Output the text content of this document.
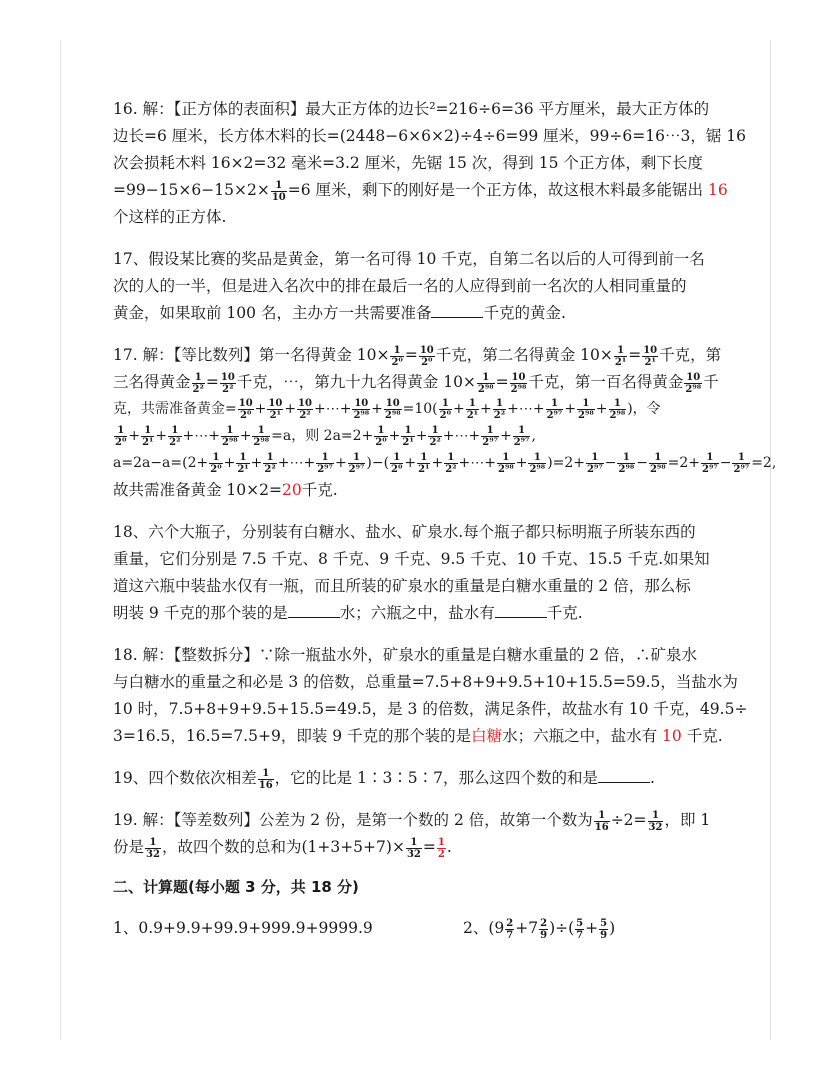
16. 解：【正方体的表面积】最大正方体的边长²=216÷6=36 平方厘米，最大正方体的
边长=6 厘米，长方体木料的长=(2448−6×6×2)÷4÷6=99 厘米，99÷6=16⋯3，锯 16
次会损耗木料 16×2=32 毫米=3.2 厘米，先锯 15 次，得到 15 个正方体，剩下长度
$=99-15\times 6-15\times 2\times \frac{1}{10} =6$ 厘米，剩下的刚好是一个正方体，故这根木料最多能锯出 16
个这样的正方体.
17、假设某比赛的奖品是黄金，第一名可得 10 千克，自第二名以后的人可得到前一名
次的人的一半，但是进入名次中的排在最后一名的人应得到前一名次的人相同重量的
黄金，如果取前 100 名，主办方一共需要准备	千克的黄金.
17. 解：【等比数列】第一名得黄金 $10\times \frac{1}{\text{2⁰}} = \frac{10}{\text{2⁰}}$ 千克，第二名得黄金 $10\times \frac{1}{\text{2¹}} = \frac{10}{\text{2¹}}$ 千克，第
三名得黄金 $\frac{1}{\text{2²}} = \frac{10}{\text{2²}}$ 千克，⋯，第九十九名得黄金 $10\times \frac{1}{\text{2⁹⁸}} = \frac{10}{\text{2⁹⁸}}$ 千克，第一百名得黄金 $\frac{10}{\text{2⁹⁸}}$ 千
克，共需准备黄金= $\frac{10}{\text{2⁰}} + \frac{10}{\text{2¹}} + \frac{10}{\text{2²}}$ +⋯+ $\frac{10}{\text{2⁹⁸}} + \frac{10}{\text{2⁹⁸}} =10( \frac{1}{\text{2⁰}} + \frac{1}{\text{2¹}} + \frac{1}{\text{2²}}$ +⋯+ $\frac{1}{\text{2⁹⁷}} + \frac{1}{\text{2⁹⁸}} + \frac{1}{\text{2⁹⁸}}$ )，令
$\frac{1}{\text{2⁰}} + \frac{1}{\text{2¹}} + \frac{1}{\text{2²}}$ +⋯+ $\frac{1}{\text{2⁹⁸}} + \frac{1}{\text{2⁹⁸}} =a$，则 $2a=2+ \frac{1}{\text{2⁰}} + \frac{1}{\text{2¹}} + \frac{1}{\text{2²}}$ +⋯+ $\frac{1}{\text{2⁹⁷}} + \frac{1}{\text{2⁹⁷}}$ ,
$a=2a-a=(2+ \frac{1}{\text{2⁰}} + \frac{1}{\text{2¹}} + \frac{1}{\text{2²}}$ +⋯+ $\frac{1}{\text{2⁹⁷}} + \frac{1}{\text{2⁹⁷}}$ )−( $\frac{1}{\text{2⁰}} + \frac{1}{\text{2¹}} + \frac{1}{\text{2²}}$ +⋯+ $\frac{1}{\text{2⁹⁸}} + \frac{1}{\text{2⁹⁸}} )=2+ \frac{1}{\text{2⁹⁷}} - \frac{1}{\text{2⁹⁸}} - \frac{1}{\text{2⁹⁸}} =2+ \frac{1}{\text{2⁹⁷}} - \frac{1}{\text{2⁹⁷}} =2$,
故共需准备黄金 10×2=20千克.
18、六个大瓶子，分别装有白糖水、盐水、矿泉水.每个瓶子都只标明瓶子所装东西的
重量，它们分别是 7.5 千克、8 千克、9 千克、9.5 千克、10 千克、15.5 千克.如果知
道这六瓶中装盐水仅有一瓶，而且所装的矿泉水的重量是白糖水重量的 2 倍，那么标
明装 9 千克的那个装的是	水；六瓶之中，盐水有	千克.
18. 解：【整数拆分】∵除一瓶盐水外，矿泉水的重量是白糖水重量的 2 倍，∴矿泉水
与白糖水的重量之和必是 3 的倍数，总重量=7.5+8+9+9.5+10+15.5=59.5，当盐水为
10 时，7.5+8+9+9.5+15.5=49.5，是 3 的倍数，满足条件，故盐水有 10 千克，49.5÷
3=16.5，16.5=7.5+9，即装 9 千克的那个装的是白糖水；六瓶之中，盐水有 10 千克.
19、四个数依次相差 $\frac{1}{16}$ ，它的比是 1∶3∶5∶7，那么这四个数的和是	.
19. 解：【等差数列】公差为 2 份，是第一个数的 2 倍，故第一个数为 $\frac{1}{16} \div 2= \frac{1}{32}$ ，即 1
份是 $\frac{1}{32}$ ，故四个数的总和为$(1+3+5+7)\times \frac{1}{32} = \frac{1}{2}$ .
二、计算题(每小题 3 分，共 18 分)
1、0.9+9.9+99.9+999.9+9999.9	2、($9 \frac{2}{7} +7 \frac{2}{9}$ )÷( $\frac{5}{7} + \frac{5}{9}$ )
